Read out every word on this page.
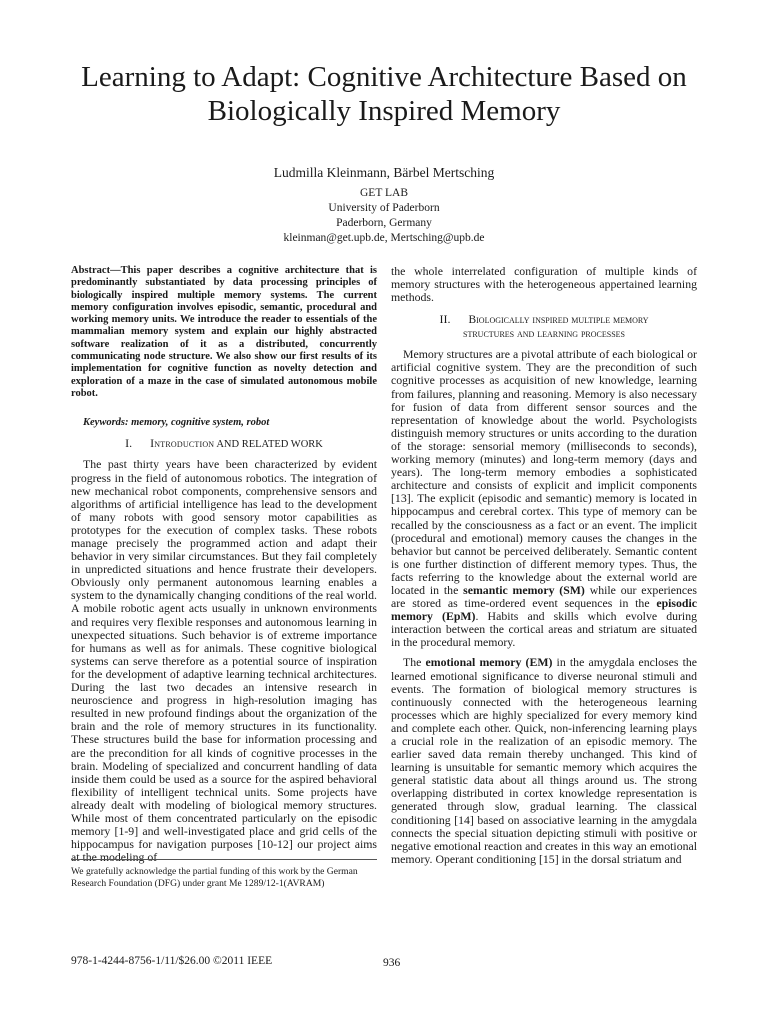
Learning to Adapt: Cognitive Architecture Based on Biologically Inspired Memory
Ludmilla Kleinmann, Bärbel Mertsching
GET LAB
University of Paderborn
Paderborn, Germany
kleinman@get.upb.de, Mertsching@upb.de

Abstract—This paper describes a cognitive architecture that is predominantly substantiated by data processing principles of biologically inspired multiple memory systems. The current memory configuration involves episodic, semantic, procedural and working memory units. We introduce the reader to essentials of the mammalian memory system and explain our highly abstracted software realization of it as a distributed, concurrently communicating node structure. We also show our first results of its implementation for cognitive function as novelty detection and exploration of a maze in the case of simulated autonomous mobile robot.

Keywords: memory, cognitive system, robot

I. Introduction AND RELATED WORK

The past thirty years have been characterized by evident progress in the field of autonomous robotics. The integration of new mechanical robot components, comprehensive sensors and algorithms of artificial intelligence has lead to the development of many robots with good sensory motor capabilities as prototypes for the execution of complex tasks. These robots manage precisely the programmed action and adapt their behavior in very similar circumstances. But they fail completely in unpredicted situations and hence frustrate their developers. Obviously only permanent autonomous learning enables a system to the dynamically changing conditions of the real world. A mobile robotic agent acts usually in unknown environments and requires very flexible responses and autonomous learning in unexpected situations. Such behavior is of extreme importance for humans as well as for animals. These cognitive biological systems can serve therefore as a potential source of inspiration for the development of adaptive learning technical architectures. During the last two decades an intensive research in neuroscience and progress in high-resolution imaging has resulted in new profound findings about the organization of the brain and the role of memory structures in its functionality. These structures build the base for information processing and are the precondition for all kinds of cognitive processes in the brain. Modeling of specialized and concurrent handling of data inside them could be used as a source for the aspired behavioral flexibility of intelligent technical units. Some projects have already dealt with modeling of biological memory structures. While most of them concentrated particularly on the episodic memory [1-9] and well-investigated place and grid cells of the hippocampus for navigation purposes [10-12] our project aims at the modeling of

the whole interrelated configuration of multiple kinds of memory structures with the heterogeneous appertained learning methods.

II. Biologically inspired multiple memory
structures and learning processes

Memory structures are a pivotal attribute of each biological or artificial cognitive system. They are the precondition of such cognitive processes as acquisition of new knowledge, learning from failures, planning and reasoning. Memory is also necessary for fusion of data from different sensor sources and the representation of knowledge about the world. Psychologists distinguish memory structures or units according to the duration of the storage: sensorial memory (milliseconds to seconds), working memory (minutes) and long-term memory (days and years). The long-term memory embodies a sophisticated architecture and consists of explicit and implicit components [13]. The explicit (episodic and semantic) memory is located in hippocampus and cerebral cortex. This type of memory can be recalled by the consciousness as a fact or an event. The implicit (procedural and emotional) memory causes the changes in the behavior but cannot be perceived deliberately. Semantic content is one further distinction of different memory types. Thus, the facts referring to the knowledge about the external world are located in the semantic memory (SM) while our experiences are stored as time-ordered event sequences in the episodic memory (EpM). Habits and skills which evolve during interaction between the cortical areas and striatum are situated in the procedural memory.

The emotional memory (EM) in the amygdala encloses the learned emotional significance to diverse neuronal stimuli and events. The formation of biological memory structures is continuously connected with the heterogeneous learning processes which are highly specialized for every memory kind and complete each other. Quick, non-inferencing learning plays a crucial role in the realization of an episodic memory. The earlier saved data remain thereby unchanged. This kind of learning is unsuitable for semantic memory which acquires the general statistic data about all things around us. The strong overlapping distributed in cortex knowledge representation is generated through slow, gradual learning. The classical conditioning [14] based on associative learning in the amygdala connects the special situation depicting stimuli with positive or negative emotional reaction and creates in this way an emotional memory. Operant conditioning [15] in the dorsal striatum and

We gratefully acknowledge the partial funding of this work by the German Research Foundation (DFG) under grant Me 1289/12-1(AVRAM)
978-1-4244-8756-1/11/$26.00 ©2011 IEEE	936
